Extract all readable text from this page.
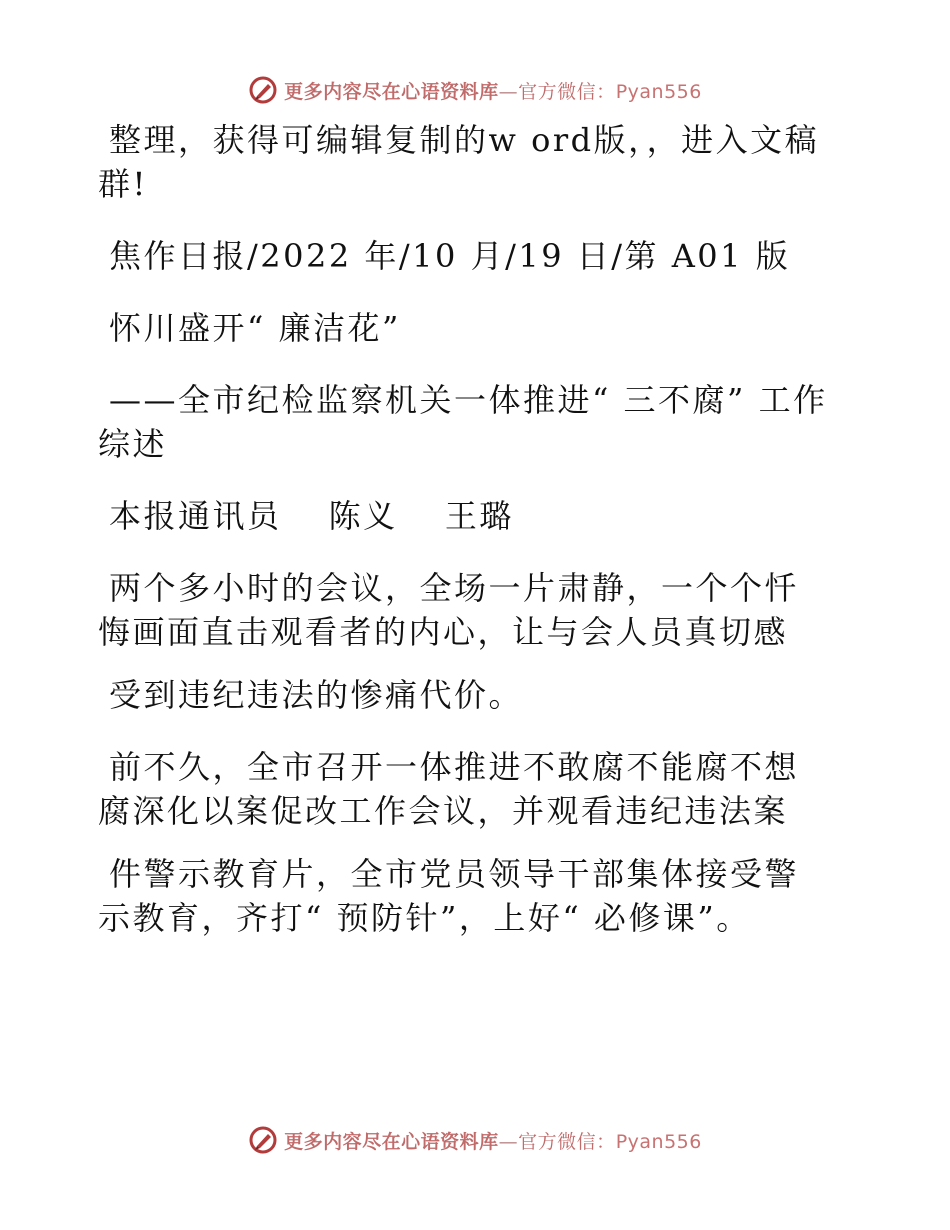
更多内容尽在心语资料库—官方微信：Pyan556

整理，获得可编辑复制的w ord版，，进入文稿群!

焦作日报/2022 年/10 月/19 日/第 A01 版

怀川盛开“ 廉洁花”

——全市纪检监察机关一体推进“ 三不腐” 工作综述

本报通讯员　 陈义　 王璐

两个多小时的会议，全场一片肃静，一个个忏悔画面直击观看者的内心，让与会人员真切感

受到违纪违法的惨痛代价。

前不久，全市召开一体推进不敢腐不能腐不想腐深化以案促改工作会议，并观看违纪违法案

件警示教育片，全市党员领导干部集体接受警示教育，齐打“ 预防针”，上好“ 必修课”。

更多内容尽在心语资料库—官方微信：Pyan556
